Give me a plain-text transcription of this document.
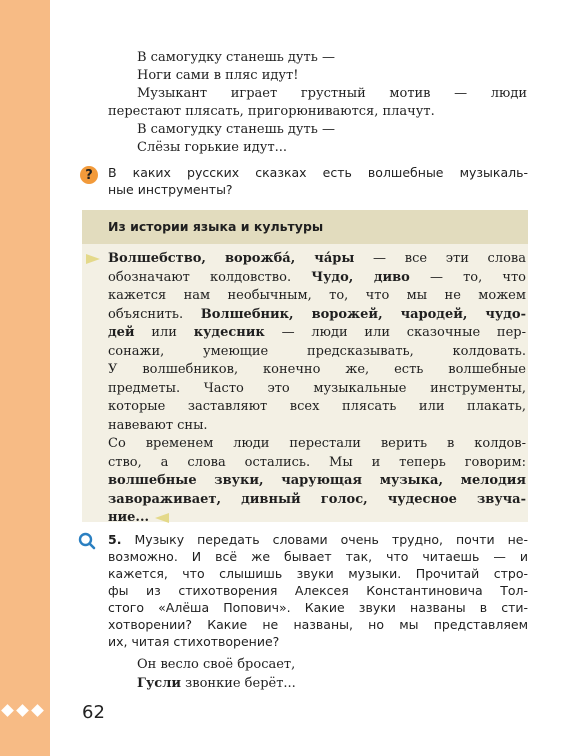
62
В самогудку станешь дуть —
Ноги сами в пляс идут!
Музыкант играет грустный мотив — люди
перестают плясать, пригорюниваются, плачут.
В самогудку станешь дуть —
Слёзы горькие идут...
?	В каких русских сказках есть волшебные музыкаль-
ные инструменты?
Из истории языка и культуры
Волшебство, ворожба́, ча́ры — все эти слова
обозначают колдовство. Чудо, диво — то, что
кажется нам необычным, то, что мы не можем
объяснить. Волшебник, ворожей, чародей, чудо-
дей или кудесник — люди или сказочные пер-
сонажи, умеющие предсказывать, колдовать.
У волшебников, конечно же, есть волшебные
предметы. Часто это музыкальные инструменты,
которые заставляют всех плясать или плакать,
навевают сны.
Со временем люди перестали верить в колдов-
ство, а слова остались. Мы и теперь говорим:
волшебные звуки, чарующая музыка, мелодия
завораживает, дивный голос, чудесное звуча-
ние...
5. Музыку передать словами очень трудно, почти не-
возможно. И всё же бывает так, что читаешь — и
кажется, что слышишь звуки музыки. Прочитай стро-
фы из стихотворения Алексея Константиновича Тол-
стого «Алёша Попович». Какие звуки названы в сти-
хотворении? Какие не названы, но мы представляем
их, читая стихотворение?
Он весло своё бросает,
Гусли звонкие берёт...
